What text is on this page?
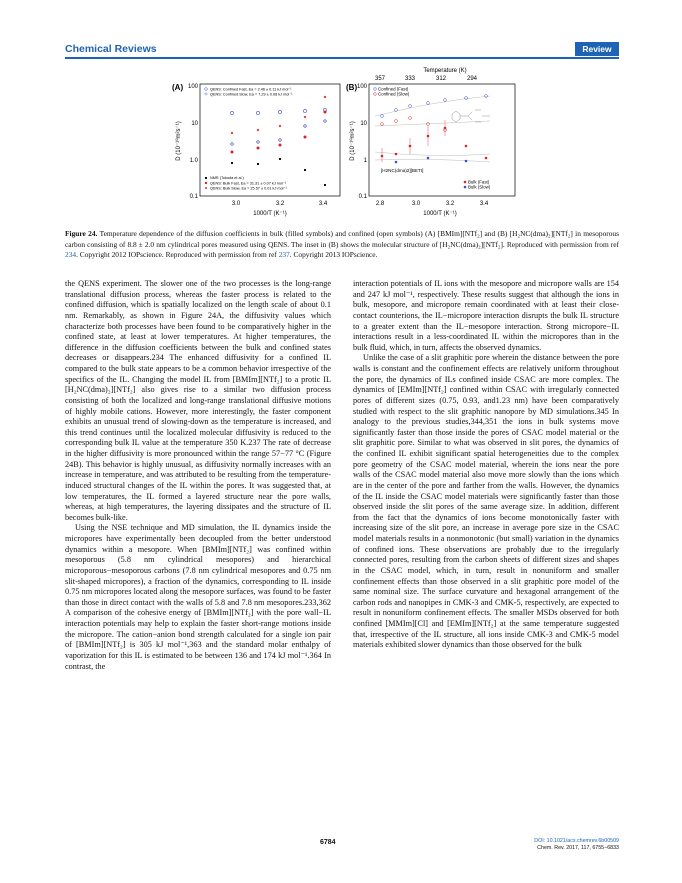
Chemical Reviews	Review
(A) 100
10
1.0
0.1
3.0	3.2	3.4
1000/T (K⁻¹)
D (10⁻¹⁰m²s⁻¹)
QENS: Confined Fast, Ea = 2.46 ± 0.11 kJ mol⁻¹
QENS: Confined Slow, Ea = 7.29 ± 0.08 kJ mol⁻¹
NMR (Tokuda et al.)
QENS: Bulk Fast, Ea = 31.31 ± 0.07 kJ mol⁻¹
QENS: Bulk Slow, Ea = 25.57 ± 0.01 kJ mol⁻¹
(B)
Temperature (K)
357	333	312	294
100
10
1
0.1
2.8	3.0	3.2	3.4
1000/T (K⁻¹)
D (10⁻¹⁰m²s⁻¹)
Confined (Fast)
Confined (Slow)
Bulk (Fast)
Bulk (Slow)
[H2NC(dma)2][BETI]
Figure 24. Temperature dependence of the diffusion coefficients in bulk (filled symbols) and confined (open symbols) (A) [BMIm][NTf₂] and (B) [H₂NC(dma)₂][NTf₂] in mesoporous carbon consisting of 8.8 ± 2.0 nm cylindrical pores measured using QENS. The inset in (B) shows the molecular structure of [H₂NC(dma)₂][NTf₂]. Reproduced with permission from ref 234. Copyright 2012 IOPscience. Reproduced with permission from ref 237. Copyright 2013 IOPscience.

the QENS experiment. The slower one of the two processes is the long-range translational diffusion process, whereas the faster process is related to the confined diffusion, which is spatially localized on the length scale of about 0.1 nm. Remarkably, as shown in Figure 24A, the diffusivity values which characterize both processes have been found to be comparatively higher in the confined state, at least at lower temperatures. At higher temperatures, the difference in the diffusion coefficients between the bulk and confined states decreases or disappears.234 The enhanced diffusivity for a confined IL compared to the bulk state appears to be a common behavior irrespective of the specifics of the IL. Changing the model IL from [BMIm][NTf₂] to a protic IL [H₂NC(dma)₂][NTf₂] also gives rise to a similar two diffusion process consisting of both the localized and long-range translational diffusive motions of highly mobile cations. However, more interestingly, the faster component exhibits an unusual trend of slowing-down as the temperature is increased, and this trend continues until the localized molecular diffusivity is reduced to the corresponding bulk IL value at the temperature 350 K.237 The rate of decrease in the higher diffusivity is more pronounced within the range 57−77 °C (Figure 24B). This behavior is highly unusual, as diffusivity normally increases with an increase in temperature, and was attributed to be resulting from the temperature-induced structural changes of the IL within the pores. It was suggested that, at low temperatures, the IL formed a layered structure near the pore walls, whereas, at high temperatures, the layering dissipates and the structure of IL becomes bulk-like.

Using the NSE technique and MD simulation, the IL dynamics inside the micropores have experimentally been decoupled from the better understood dynamics within a mesopore. When [BMIm][NTf₂] was confined within mesoporous (5.8 nm cylindrical mesopores) and hierarchical microporous−mesoporous carbons (7.8 nm cylindrical mesopores and 0.75 nm slit-shaped micropores), a fraction of the dynamics, corresponding to IL inside 0.75 nm micropores located along the mesopore surfaces, was found to be faster than those in direct contact with the walls of 5.8 and 7.8 nm mesopores.233,362 A comparison of the cohesive energy of [BMIm][NTf₂] with the pore wall−IL interaction potentials may help to explain the faster short-range motions inside the micropore. The cation−anion bond strength calculated for a single ion pair of [BMIm][NTf₂] is 305 kJ mol⁻¹,363 and the standard molar enthalpy of vaporization for this IL is estimated to be between 136 and 174 kJ mol⁻¹.364 In contrast, the

interaction potentials of IL ions with the mesopore and micropore walls are 154 and 247 kJ mol⁻¹, respectively. These results suggest that although the ions in bulk, mesopore, and micropore remain coordinated with at least their close-contact counterions, the IL−micropore interaction disrupts the bulk IL structure to a greater extent than the IL−mesopore interaction. Strong micropore−IL interactions result in a less-coordinated IL within the micropores than in the bulk fluid, which, in turn, affects the observed dynamics.

Unlike the case of a slit graphitic pore wherein the distance between the pore walls is constant and the confinement effects are relatively uniform throughout the pore, the dynamics of ILs confined inside CSAC are more complex. The dynamics of [EMIm][NTf₂] confined within CSAC with irregularly connected pores of different sizes (0.75, 0.93, and1.23 nm) have been comparatively studied with respect to the slit graphitic nanopore by MD simulations.345 In analogy to the previous studies,344,351 the ions in bulk systems move significantly faster than those inside the pores of CSAC model material or the slit graphitic pore. Similar to what was observed in slit pores, the dynamics of the confined IL exhibit significant spatial heterogeneities due to the complex pore geometry of the CSAC model material, wherein the ions near the pore walls of the CSAC model material also move more slowly than the ions which are in the center of the pore and farther from the walls. However, the dynamics of the IL inside the CSAC model materials were significantly faster than those observed inside the slit pores of the same average size. In addition, different from the fact that the dynamics of ions become monotonically faster with increasing size of the slit pore, an increase in average pore size in the CSAC model materials results in a nonmonotonic (but small) variation in the dynamics of confined ions. These observations are probably due to the irregularly connected pores, resulting from the carbon sheets of different sizes and shapes in the CSAC model, which, in turn, result in nonuniform and smaller confinement effects than those observed in a slit graphitic pore model of the same nominal size. The surface curvature and hexagonal arrangement of the carbon rods and nanopipes in CMK-3 and CMK-5, respectively, are expected to result in nonuniform confinement effects. The smaller MSDs observed for both confined [MMIm][Cl] and [EMIm][NTf₂] at the same temperature suggested that, irrespective of the IL structure, all ions inside CMK-3 and CMK-5 model materials exhibited slower dynamics than those observed for the bulk

6784	DOI: 10.1021/acs.chemrev.6b00509
Chem. Rev. 2017, 117, 6755−6833
